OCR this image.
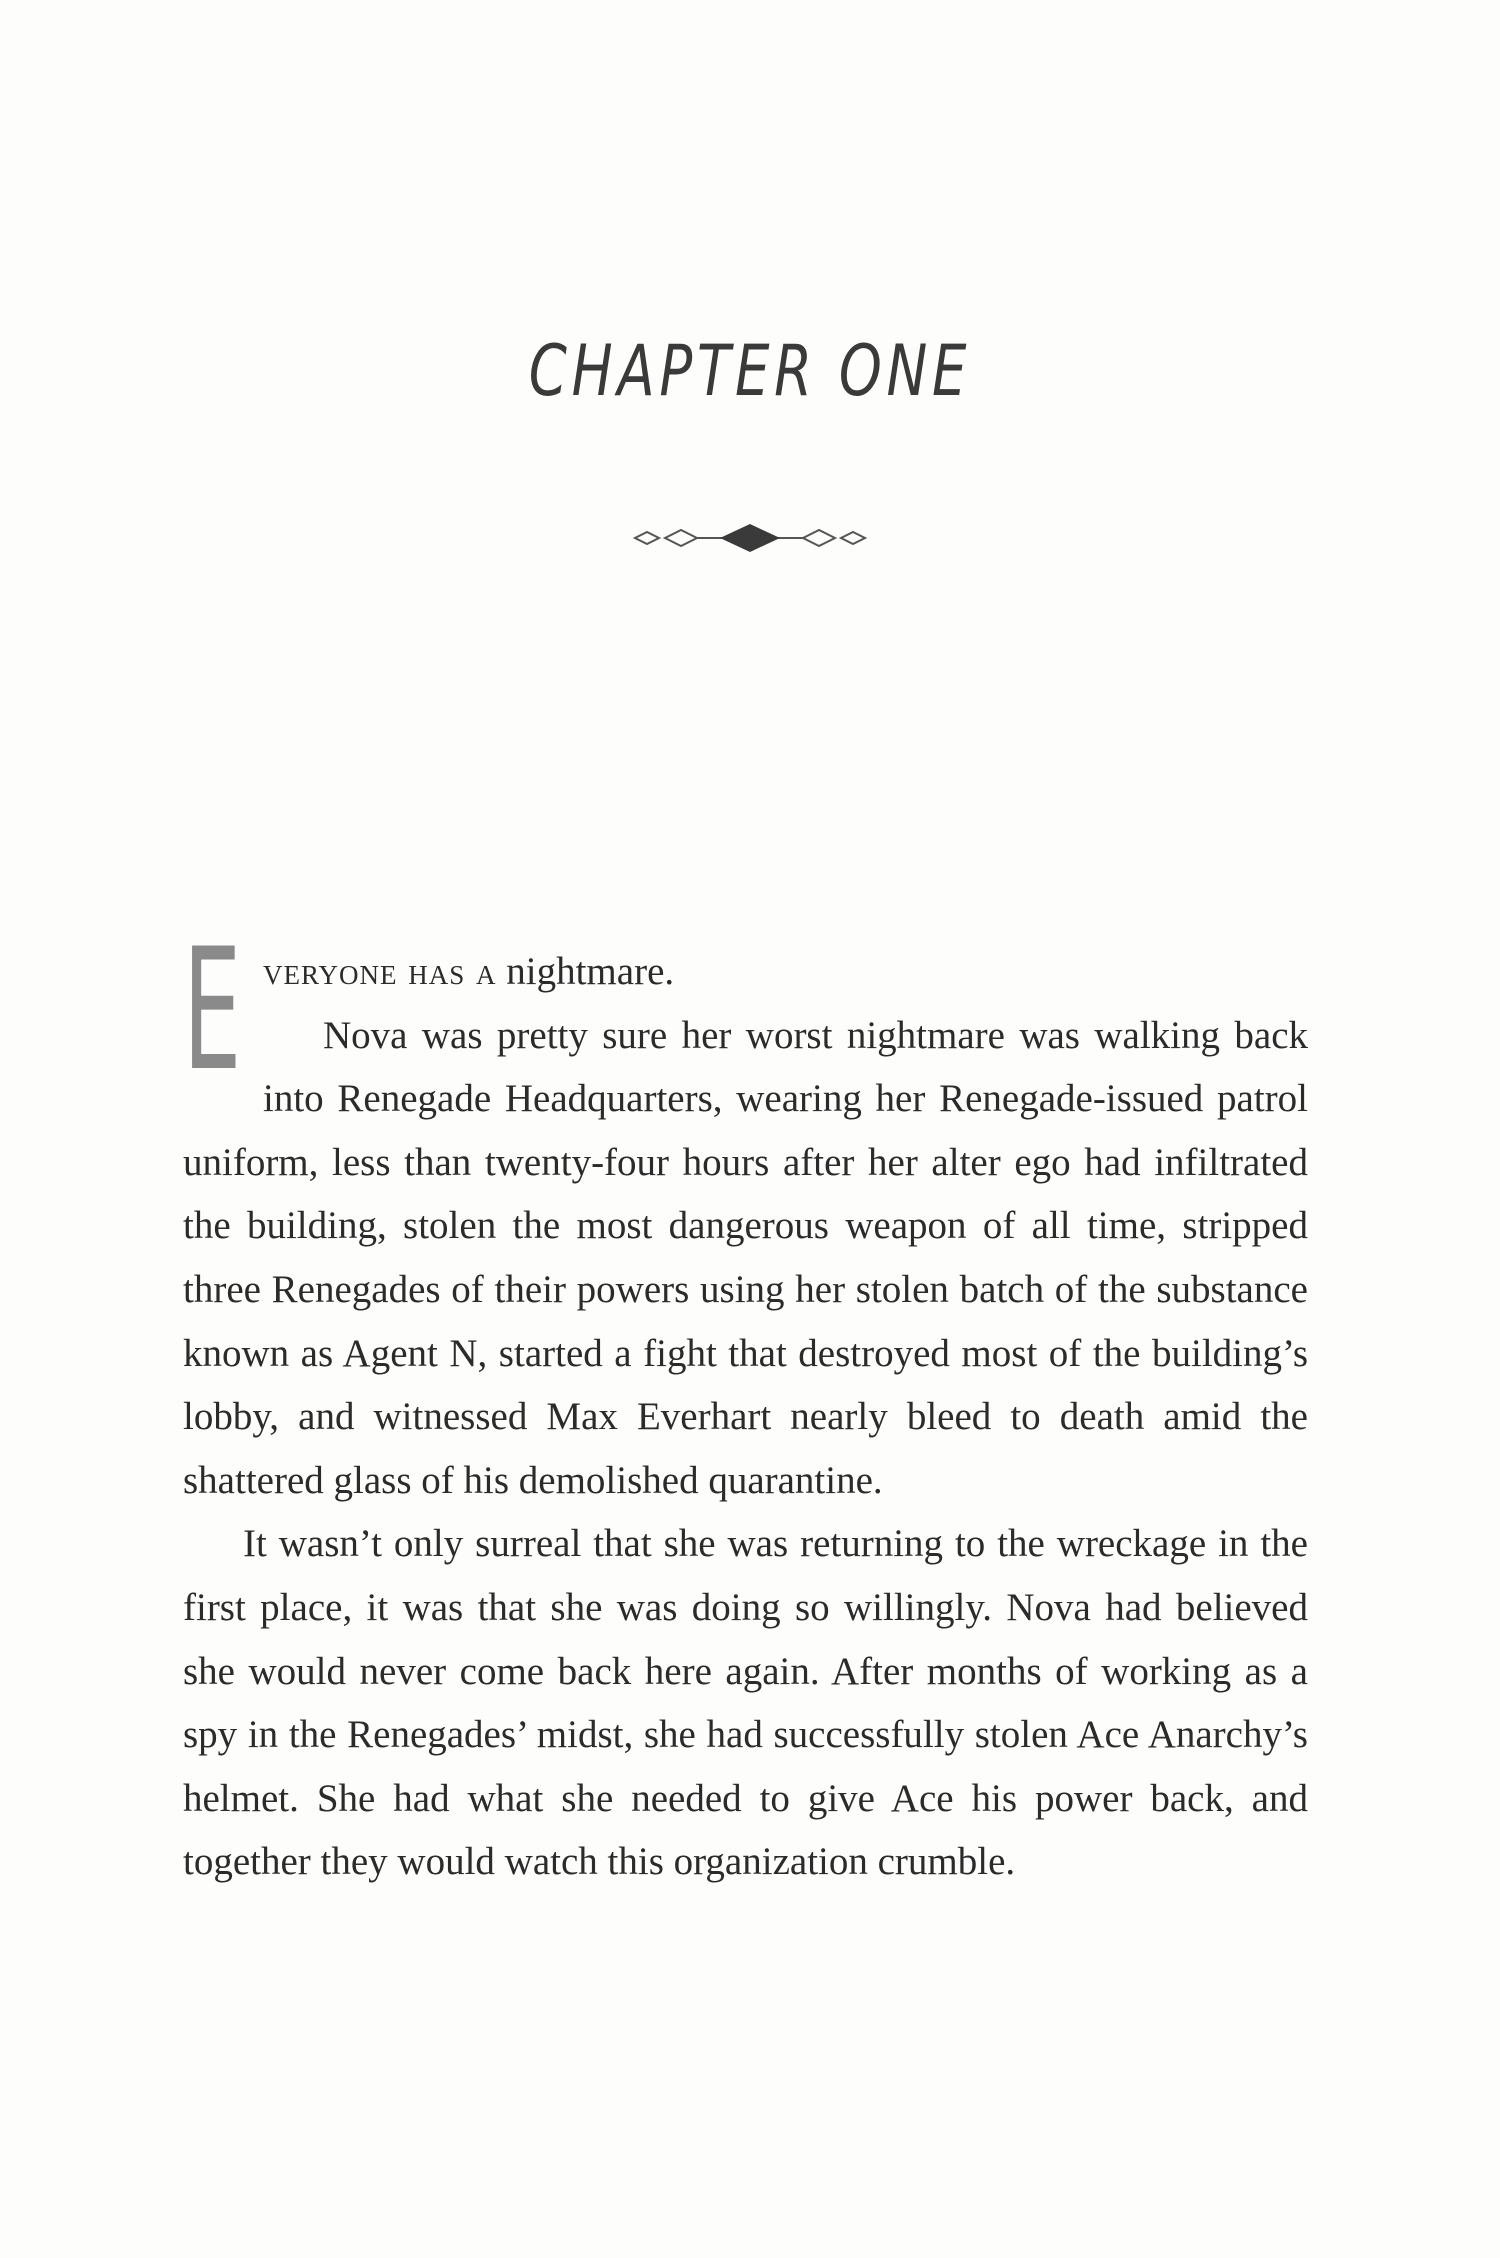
CHAPTER ONE

E veryone has a nightmare.

Nova was pretty sure her worst nightmare was walking back into Renegade Headquarters, wearing her Renegade-issued patrol uniform, less than twenty-four hours after her alter ego had infiltrated the building, stolen the most dangerous weapon of all time, stripped three Renegades of their powers using her stolen batch of the substance known as Agent N, started a fight that destroyed most of the building’s lobby, and witnessed Max Everhart nearly bleed to death amid the shattered glass of his demolished quarantine.

It wasn’t only surreal that she was returning to the wreckage in the first place, it was that she was doing so willingly. Nova had believed she would never come back here again. After months of working as a spy in the Renegades’ midst, she had successfully stolen Ace Anarchy’s helmet. She had what she needed to give Ace his power back, and together they would watch this organization crumble.
